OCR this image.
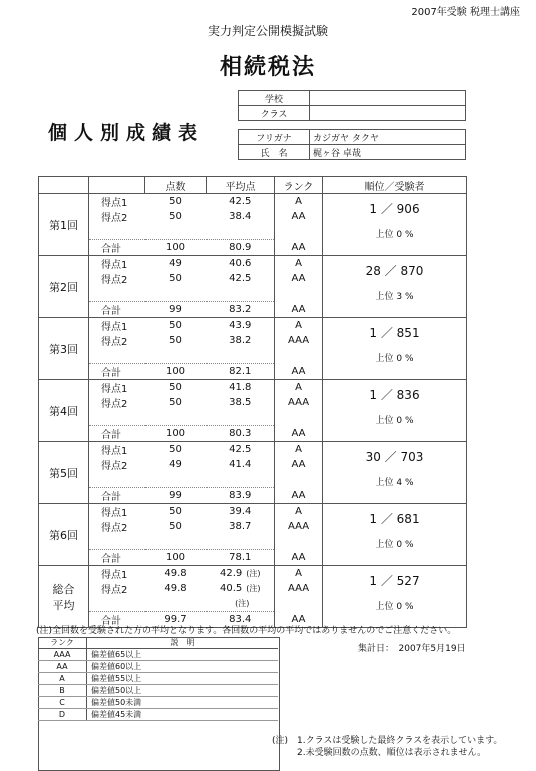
2007年受験 税理士講座
実力判定公開模擬試験
相続税法
個人別成績表
学校	
クラス	

フリガナ	カジガヤ タクヤ
氏　名	梶ヶ谷 卓哉
		点数	平均点	ランク	順位／受験者
第1回	得点1	50	42.5	A	1 ／ 906
上位 0 %

	得点2	50	38.4	AA	

	合計	100	80.9	AA	
第2回	得点1	49	40.6	A	28 ／ 870
上位 3 %

	得点2	50	42.5	AA	

	合計	99	83.2	AA	
第3回	得点1	50	43.9	A	1 ／ 851
上位 0 %

	得点2	50	38.2	AAA	

	合計	100	82.1	AA	
第4回	得点1	50	41.8	A	1 ／ 836
上位 0 %

	得点2	50	38.5	AAA	

	合計	100	80.3	AA	
第5回	得点1	50	42.5	A	30 ／ 703
上位 4 %

	得点2	49	41.4	AA	

	合計	99	83.9	AA	
第6回	得点1	50	39.4	A	1 ／ 681
上位 0 %

	得点2	50	38.7	AAA	

	合計	100	78.1	AA	
総合平均	得点1	49.8	42.9 (注)	A	1 ／ 527
上位 0 %

	得点2	49.8	40.5 (注)	AAA	
			(注)		
	合計	99.7	83.4	AA	
(注)全回数を受験された方の平均となります。各回数の平均の平均ではありませんのでご注意ください。
ランク	説　明
AAA	偏差値65以上
AA	偏差値60以上
A	偏差値55以上
B	偏差値50以上
C	偏差値50未満
D	偏差値45未満
集計日：　2007年5月19日
(注)　1.クラスは受験した最終クラスを表示しています。
2.未受験回数の点数、順位は表示されません。
